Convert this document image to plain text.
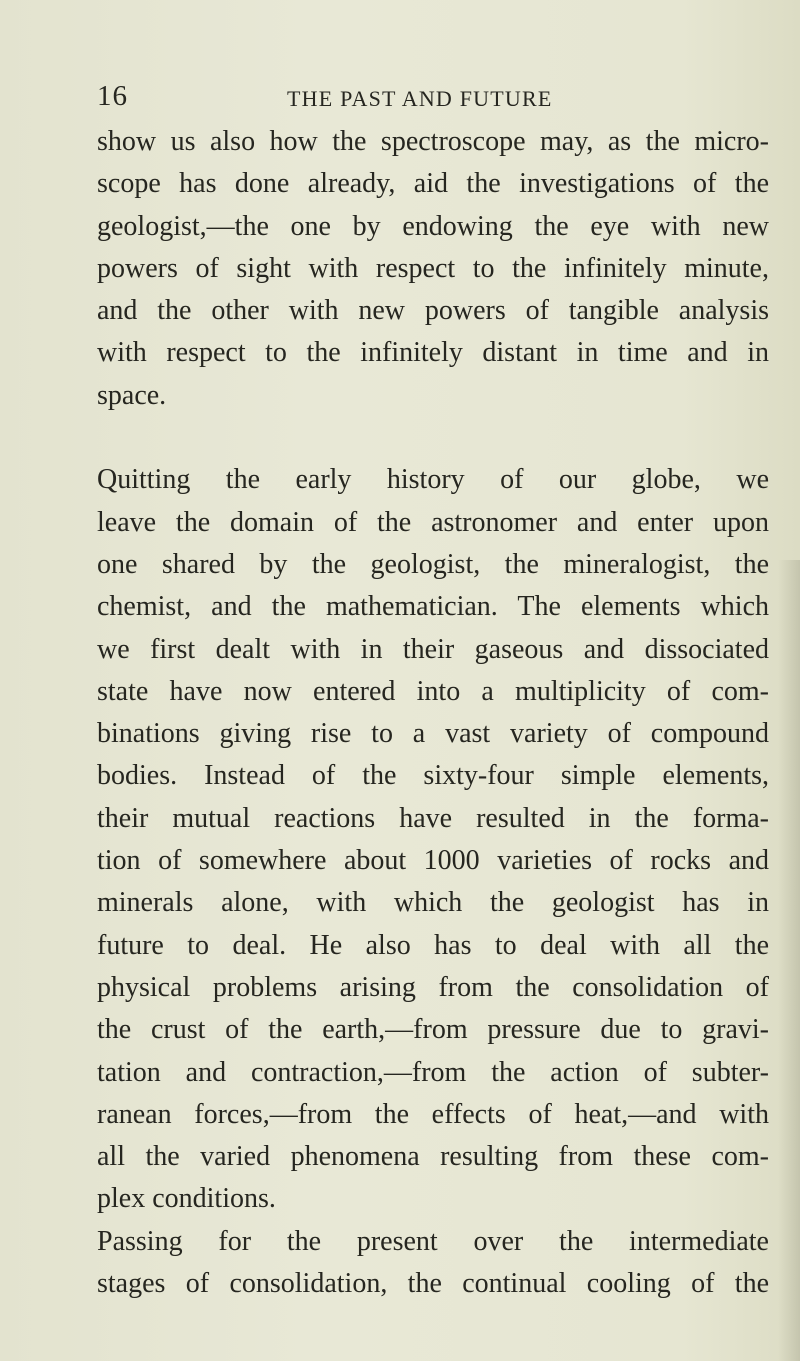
16	THE PAST AND FUTURE
show us also how the spectroscope may, as the micro-
scope has done already, aid the investigations of the
geologist,—the one by endowing the eye with new
powers of sight with respect to the infinitely minute,
and the other with new powers of tangible analysis
with respect to the infinitely distant in time and in
space.
Quitting the early history of our globe, we
leave the domain of the astronomer and enter upon
one shared by the geologist, the mineralogist, the
chemist, and the mathematician. The elements which
we first dealt with in their gaseous and dissociated
state have now entered into a multiplicity of com-
binations giving rise to a vast variety of compound
bodies. Instead of the sixty-four simple elements,
their mutual reactions have resulted in the forma-
tion of somewhere about 1000 varieties of rocks and
minerals alone, with which the geologist has in
future to deal. He also has to deal with all the
physical problems arising from the consolidation of
the crust of the earth,—from pressure due to gravi-
tation and contraction,—from the action of subter-
ranean forces,—from the effects of heat,—and with
all the varied phenomena resulting from these com-
plex conditions.
Passing for the present over the intermediate
stages of consolidation, the continual cooling of the
